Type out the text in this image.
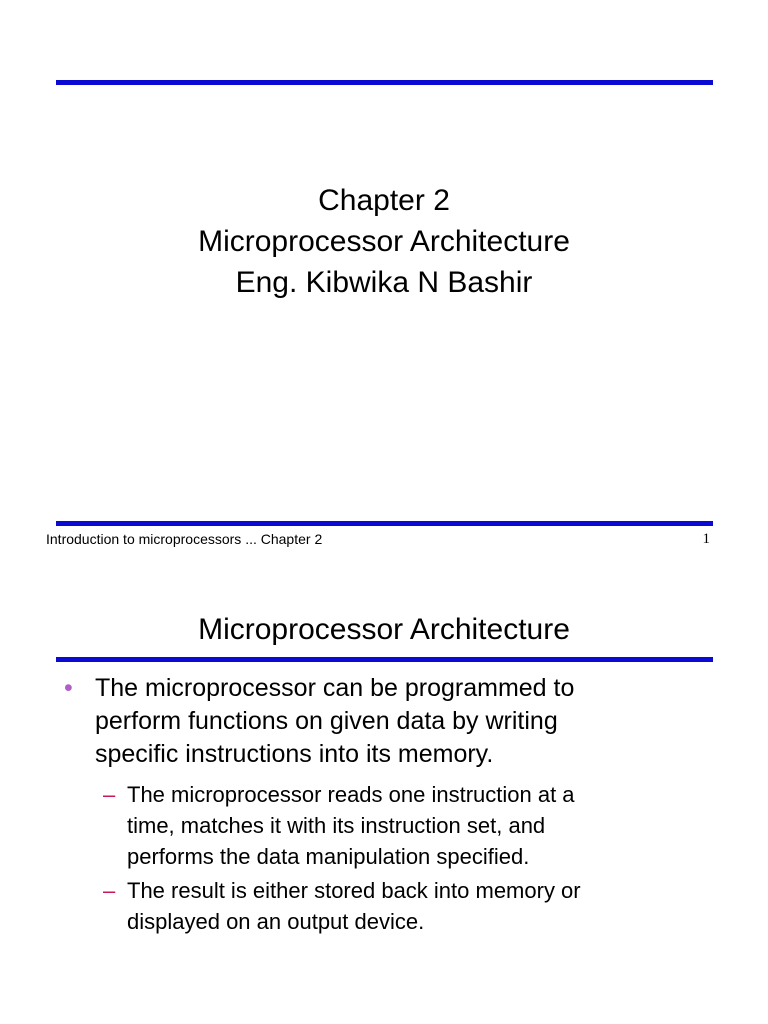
Chapter 2
Microprocessor Architecture
Eng. Kibwika N Bashir
Introduction to microprocessors ... Chapter 2	1
Microprocessor Architecture
• The microprocessor can be programmed to
perform functions on given data by writing
specific instructions into its memory.
– The microprocessor reads one instruction at a
time, matches it with its instruction set, and
performs the data manipulation specified.
– The result is either stored back into memory or
displayed on an output device.
